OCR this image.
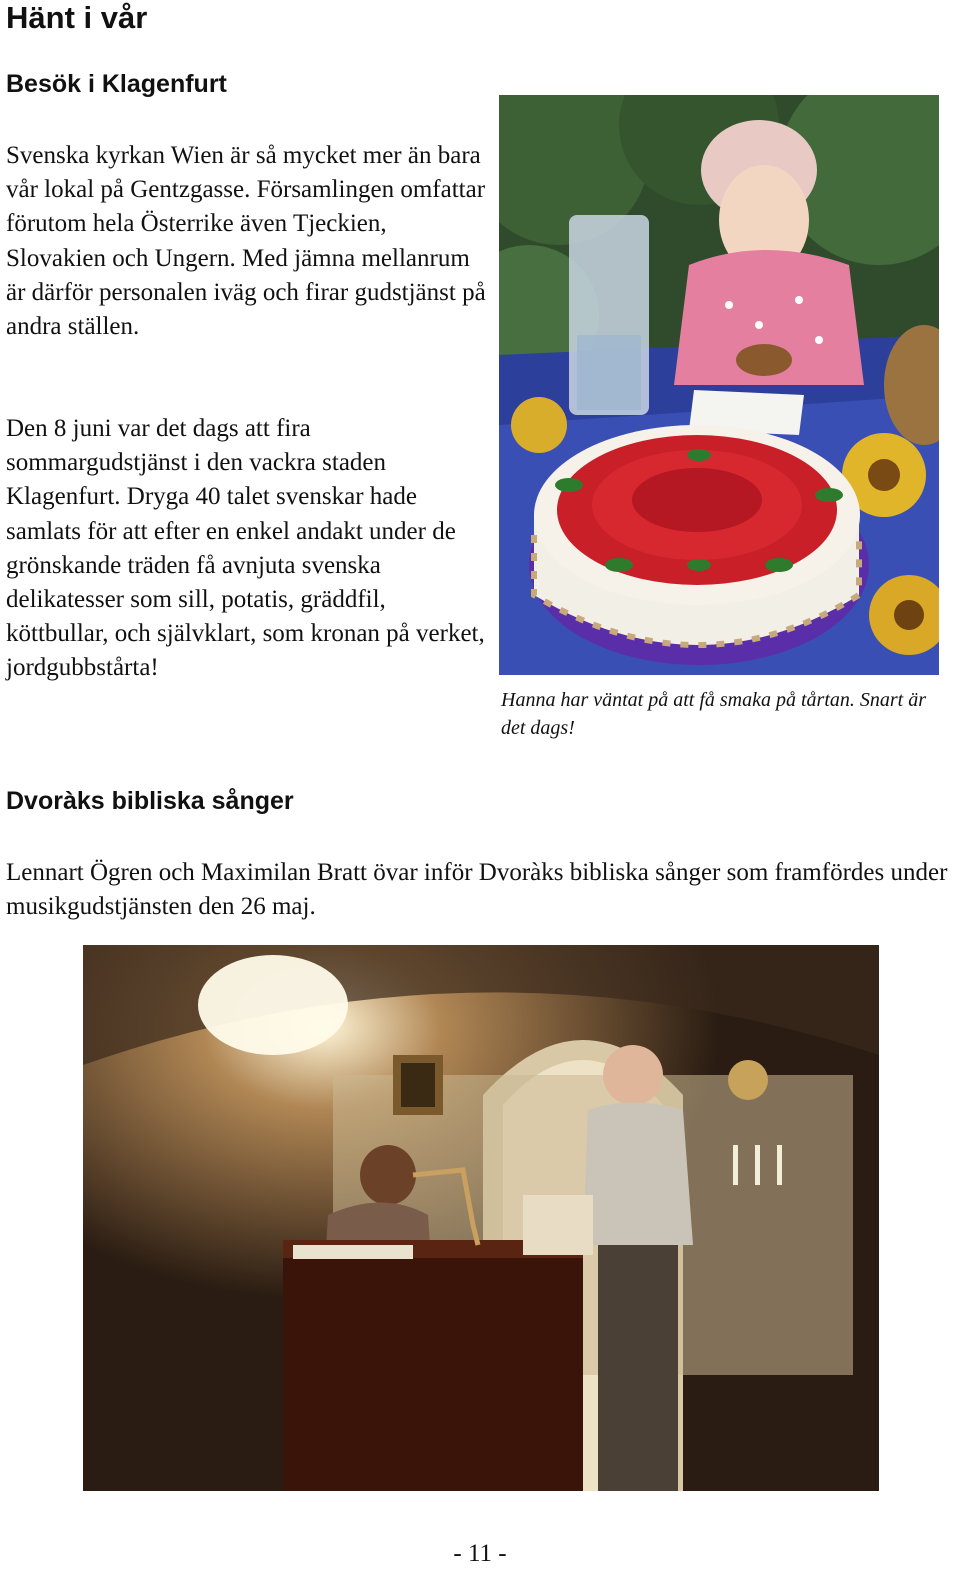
Hänt i vår
Besök i Klagenfurt

Svenska kyrkan Wien är så mycket mer än bara vår lokal på Gentzgasse. Församlingen omfattar förutom hela Österrike även Tjeckien, Slovakien och Ungern. Med jämna mellanrum är därför personalen iväg och firar gudstjänst på andra ställen.

Den 8 juni var det dags att fira sommargudstjänst i den vackra staden Klagenfurt. Dryga 40 talet svenskar hade samlats för att efter en enkel andakt under de grönskande träden få avnjuta svenska delikatesser som sill, potatis, gräddfil, köttbullar, och självklart, som kronan på verket, jordgubbstårta!

Hanna har väntat på att få smaka på tårtan. Snart är det dags!

Dvoràks bibliska sånger

Lennart Ögren och Maximilan Bratt övar inför Dvoràks bibliska sånger som framfördes under musikgudstjänsten den 26 maj.

- 11 -
